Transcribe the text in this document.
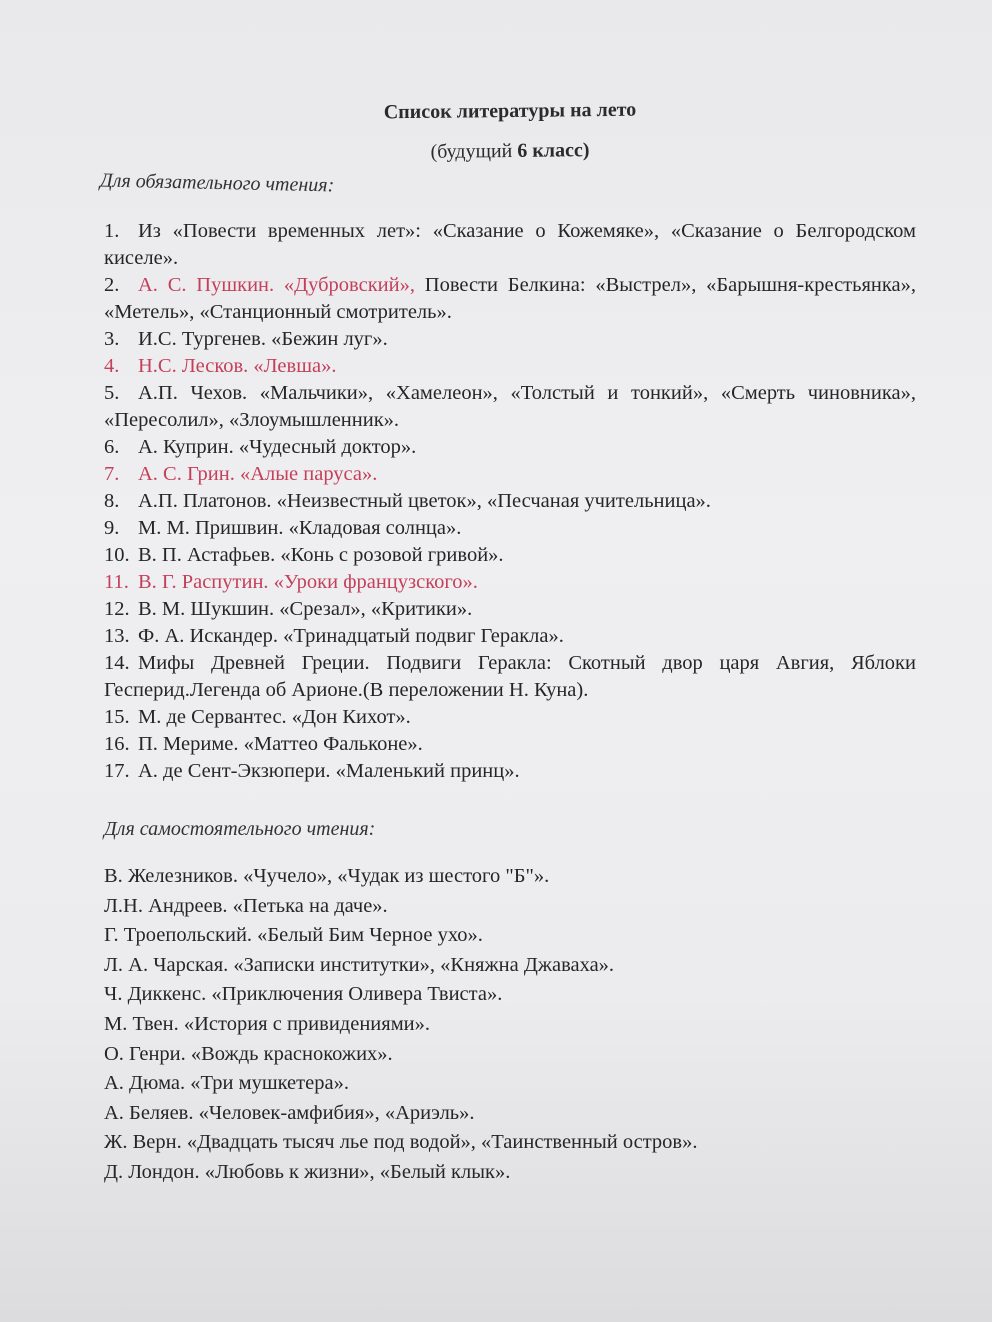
Список литературы на лето
(будущий 6 класс)
Для обязательного чтения:
1. Из «Повести временных лет»: «Сказание о Кожемяке», «Сказание о Белгородском киселе».
2. А. С. Пушкин. «Дубровский», Повести Белкина: «Выстрел», «Барышня-крестьянка», «Метель», «Станционный смотритель».
3. И.С. Тургенев. «Бежин луг».
4. Н.С. Лесков. «Левша».
5. А.П. Чехов. «Мальчики», «Хамелеон», «Толстый и тонкий», «Смерть чиновника», «Пересолил», «Злоумышленник».
6. А. Куприн. «Чудесный доктор».
7. А. С. Грин. «Алые паруса».
8. А.П. Платонов. «Неизвестный цветок», «Песчаная учительница».
9. М. М. Пришвин. «Кладовая солнца».
10. В. П. Астафьев. «Конь с розовой гривой».
11. В. Г. Распутин. «Уроки французского».
12. В. М. Шукшин. «Срезал», «Критики».
13. Ф. А. Искандер. «Тринадцатый подвиг Геракла».
14. Мифы Древней Греции. Подвиги Геракла: Скотный двор царя Авгия, Яблоки Гесперид.Легенда об Арионе.(В переложении Н. Куна).
15. М. де Сервантес. «Дон Кихот».
16. П. Мериме. «Маттео Фальконе».
17. А. де Сент-Экзюпери. «Маленький принц».
Для самостоятельного чтения:
В. Железников. «Чучело», «Чудак из шестого "Б"».
Л.Н. Андреев. «Петька на даче».
Г. Троепольский. «Белый Бим Черное ухо».
Л. А. Чарская. «Записки институтки», «Княжна Джаваха».
Ч. Диккенс. «Приключения Оливера Твиста».
М. Твен. «История с привидениями».
О. Генри. «Вождь краснокожих».
А. Дюма. «Три мушкетера».
А. Беляев. «Человек-амфибия», «Ариэль».
Ж. Верн. «Двадцать тысяч лье под водой», «Таинственный остров».
Д. Лондон. «Любовь к жизни», «Белый клык».
